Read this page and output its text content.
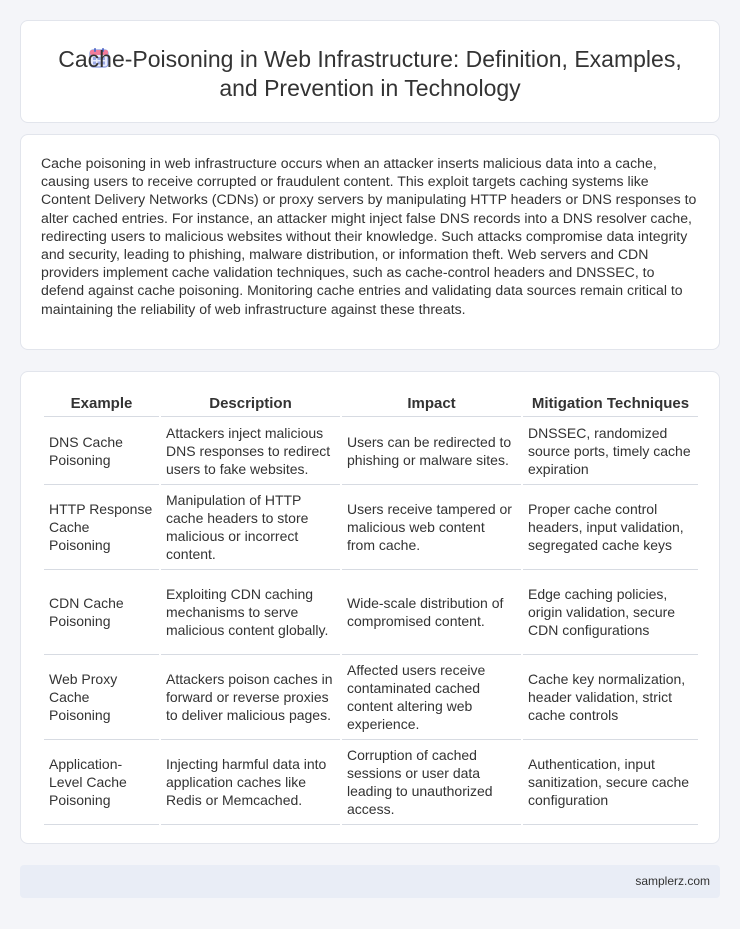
Cache-Poisoning in Web Infrastructure: Definition, Examples, and Prevention in Technology

Cache poisoning in web infrastructure occurs when an attacker inserts malicious data into a cache, causing users to receive corrupted or fraudulent content. This exploit targets caching systems like Content Delivery Networks (CDNs) or proxy servers by manipulating HTTP headers or DNS responses to alter cached entries. For instance, an attacker might inject false DNS records into a DNS resolver cache, redirecting users to malicious websites without their knowledge. Such attacks compromise data integrity and security, leading to phishing, malware distribution, or information theft. Web servers and CDN providers implement cache validation techniques, such as cache-control headers and DNSSEC, to defend against cache poisoning. Monitoring cache entries and validating data sources remain critical to maintaining the reliability of web infrastructure against these threats.

Example	Description	Impact	Mitigation Techniques
DNS Cache Poisoning	Attackers inject malicious DNS responses to redirect users to fake websites.	Users can be redirected to phishing or malware sites.	DNSSEC, randomized source ports, timely cache expiration
HTTP Response Cache Poisoning	Manipulation of HTTP cache headers to store malicious or incorrect content.	Users receive tampered or malicious web content from cache.	Proper cache control headers, input validation, segregated cache keys
CDN Cache Poisoning	Exploiting CDN caching mechanisms to serve malicious content globally.	Wide-scale distribution of compromised content.	Edge caching policies, origin validation, secure CDN configurations
Web Proxy Cache Poisoning	Attackers poison caches in forward or reverse proxies to deliver malicious pages.	Affected users receive contaminated cached content altering web experience.	Cache key normalization, header validation, strict cache controls
Application-Level Cache Poisoning	Injecting harmful data into application caches like Redis or Memcached.	Corruption of cached sessions or user data leading to unauthorized access.	Authentication, input sanitization, secure cache configuration
samplerz.com
